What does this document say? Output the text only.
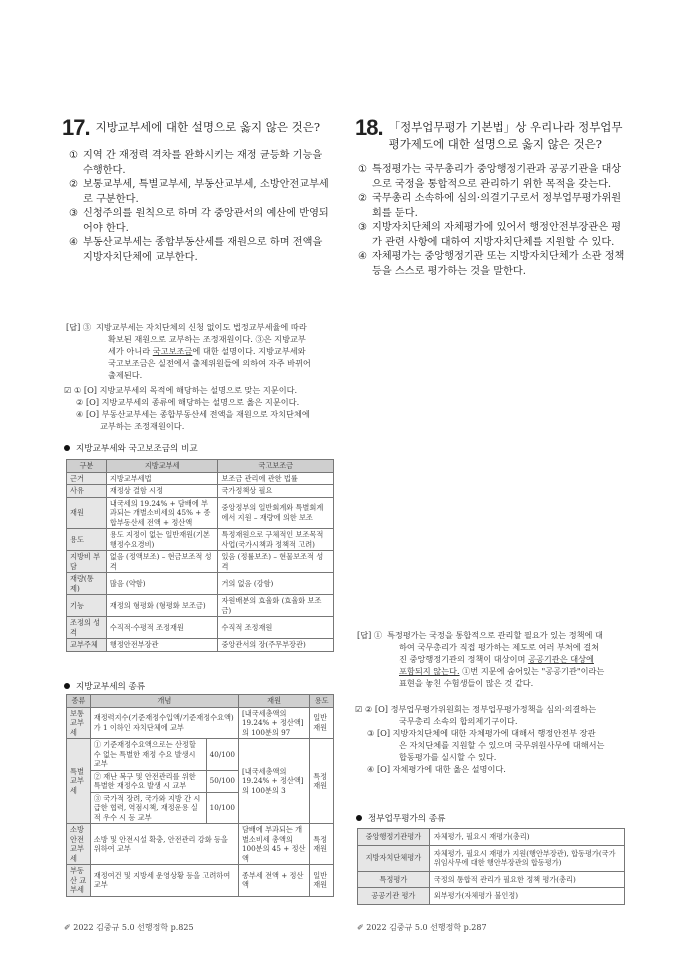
17. 지방교부세에 대한 설명으로 옳지 않은 것은?
① 지역 간 재정력 격차를 완화시키는 재정 균등화 기능을 수행한다.
② 보통교부세, 특별교부세, 부동산교부세, 소방안전교부세로 구분한다.
③ 신청주의를 원칙으로 하며 각 중앙관서의 예산에 반영되어야 한다.
④ 부동산교부세는 종합부동산세를 재원으로 하며 전액을 지방자치단체에 교부한다.
[답] ③ 지방교부세는 자치단체의 신청 없이도 법정교부세율에 따라
확보된 재원으로 교부하는 조정재원이다. ③은 지방교부
세가 아니라 국고보조금에 대한 설명이다. 지방교부세와
국고보조금은 실전에서 출제위원들에 의하여 자주 바뀌어
출제된다.
☑ ① [O] 지방교부세의 목적에 해당하는 설명으로 맞는 지문이다.
② [O] 지방교부세의 종류에 해당하는 설명으로 옳은 지문이다.
④ [O] 부동산교부세는 종합부동산세 전액을 재원으로 자치단체에
교부하는 조정재원이다.
지방교부세와 국고보조금의 비교
구분	지방교부세	국고보조금
근거	지방교부세법	보조금 관리에 관한 법률
사유	재정상 결함 시정	국가정책상 필요
재원	내국세의 19.24% + 담배에 부과되는 개별소비세의 45% + 종합부동산세 전액 + 정산액	중앙정부의 일반회계와 특별회계에서 지원 – 재량에 의한 보조
용도	용도 지정이 없는 일반재원(기본행정수요경비)	특정재원으로 구체적인 보조목적사업(국가시책과 정책적 고려)
지방비 부담	없음 (정액보조) – 현금보조적 성격	있음 (정률보조) – 현물보조적 성격
재량(통제)	많음 (약함)	거의 없음 (강함)
기능	재정의 형평화 (형평화 보조금)	자원배분의 효율화 (효율화 보조금)
조정의 성격	수직적·수평적 조정재원	수직적 조정재원
교부주체	행정안전부장관	중앙관서의 장(주무부장관)
지방교부세의 종류
종류	개념		재원	용도
보통 교부세	재정력지수(기준재정수입액/기준재정수요액)가 1 이하인 자치단체에 교부		[내국세총액의 19.24% + 정산액]의 100분의 97	일반 재원
특별 교부세	① 기준재정수요액으로는 산정할 수 없는 특별한 재정 수요 발생시 교부	40/100	[내국세총액의 19.24% + 정산액]의 100분의 3	특정 재원
	② 재난 복구 및 안전관리를 위한 특별한 재정수요 발생 시 교부	50/100		
	③ 국가적 장려, 국가와 지방 간 시급한 협력, 역점시책, 재정운용 실적 우수 시 등 교부	10/100		
소방 안전 교부세	소방 및 안전시설 확충, 안전관리 강화 등을 위하여 교부		담배에 부과되는 개별소비세 총액의 100분의 45 + 정산액	특정 재원
부동산 교부세	재정여건 및 지방세 운영상황 등을 고려하여 교부		종부세 전액 + 정산액	일반 재원
✐ 2022 김중규 5.0 선행정학 p.825
18. 「정부업무평가 기본법」상 우리나라 정부업무평가제도에 대한 설명으로 옳지 않은 것은?
① 특정평가는 국무총리가 중앙행정기관과 공공기관을 대상으로 국정을 통합적으로 관리하기 위한 목적을 갖는다.
② 국무총리 소속하에 심의·의결기구로서 정부업무평가위원회를 둔다.
③ 지방자치단체의 자체평가에 있어서 행정안전부장관은 평가 관련 사항에 대하여 지방자치단체를 지원할 수 있다.
④ 자체평가는 중앙행정기관 또는 지방자치단체가 소관 정책 등을 스스로 평가하는 것을 말한다.
[답] ① 특정평가는 국정을 통합적으로 관리할 필요가 있는 정책에 대
하여 국무총리가 직접 평가하는 제도로 여러 부처에 걸쳐
진 중앙행정기관의 정책이 대상이며 공공기관은 대상에
포함되지 않는다. ①번 지문에 숨어있는 "공공기관"이라는
표현을 놓친 수험생들이 많은 것 같다.
☑ ② [O] 정부업무평가위원회는 정부업무평가정책을 심의·의결하는
국무총리 소속의 합의제기구이다.
③ [O] 지방자치단체에 대한 자체평가에 대해서 행정안전부 장관
은 자치단체를 지원할 수 있으며 국무위원사무에 대해서는
합동평가를 실시할 수 있다.
④ [O] 자체평가에 대한 옳은 설명이다.
정부업무평가의 종류
중앙행정기관평가	자체평가, 필요시 재평가(총리)
지방자치단체평가	자체평가, 필요시 재평가 지원(행안부장관), 합동평가(국가위임사무에 대한 행안부장관의 합동평가)
특정평가	국정의 통합적 관리가 필요한 정책 평가(총리)
공공기관 평가	외부평가(자체평가 불인정)
✐ 2022 김중규 5.0 선행정학 p.287
